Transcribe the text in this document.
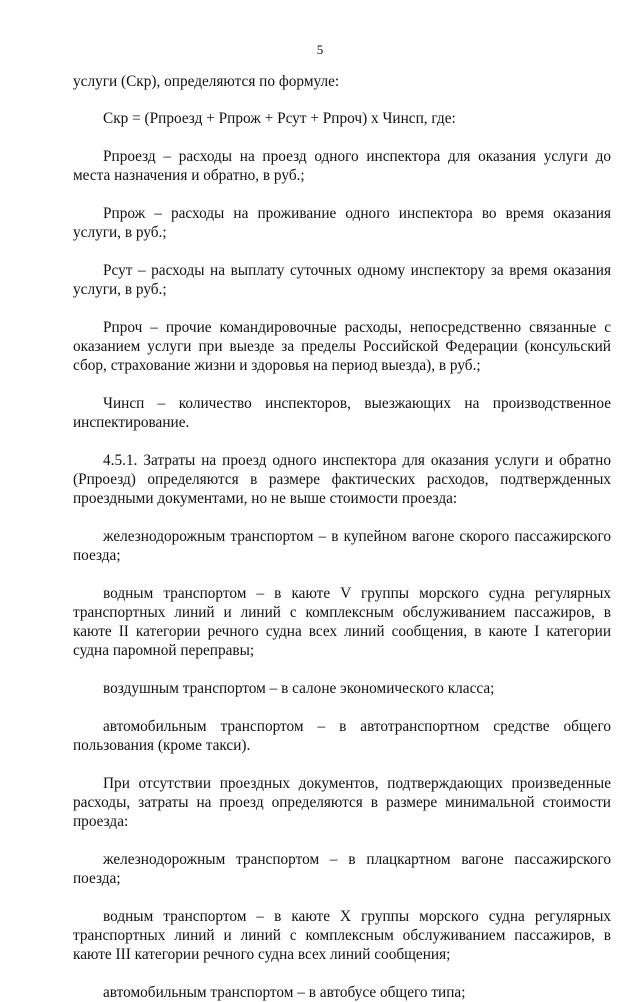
5

услуги (Скр), определяются по формуле:

Скр = (Рпроезд + Рпрож + Рсут + Рпроч) х Чинсп, где:

Рпроезд – расходы на проезд одного инспектора для оказания услуги до места назначения и обратно, в руб.;

Рпрож – расходы на проживание одного инспектора во время оказания услуги, в руб.;

Рсут – расходы на выплату суточных одному инспектору за время оказания услуги, в руб.;

Рпроч – прочие командировочные расходы, непосредственно связанные с оказанием услуги при выезде за пределы Российской Федерации (консульский сбор, страхование жизни и здоровья на период выезда), в руб.;

Чинсп – количество инспекторов, выезжающих на производственное инспектирование.

4.5.1. Затраты на проезд одного инспектора для оказания услуги и обратно (Рпроезд) определяются в размере фактических расходов, подтвержденных проездными документами, но не выше стоимости проезда:

железнодорожным транспортом – в купейном вагоне скорого пассажирского поезда;

водным транспортом – в каюте V группы морского судна регулярных транспортных линий и линий с комплексным обслуживанием пассажиров, в каюте II категории речного судна всех линий сообщения, в каюте I категории судна паромной переправы;

воздушным транспортом – в салоне экономического класса;

автомобильным транспортом – в автотранспортном средстве общего пользования (кроме такси).

При отсутствии проездных документов, подтверждающих произведенные расходы, затраты на проезд определяются в размере минимальной стоимости проезда:

железнодорожным транспортом – в плацкартном вагоне пассажирского поезда;

водным транспортом – в каюте X группы морского судна регулярных транспортных линий и линий с комплексным обслуживанием пассажиров, в каюте III категории речного судна всех линий сообщения;

автомобильным транспортом – в автобусе общего типа;
